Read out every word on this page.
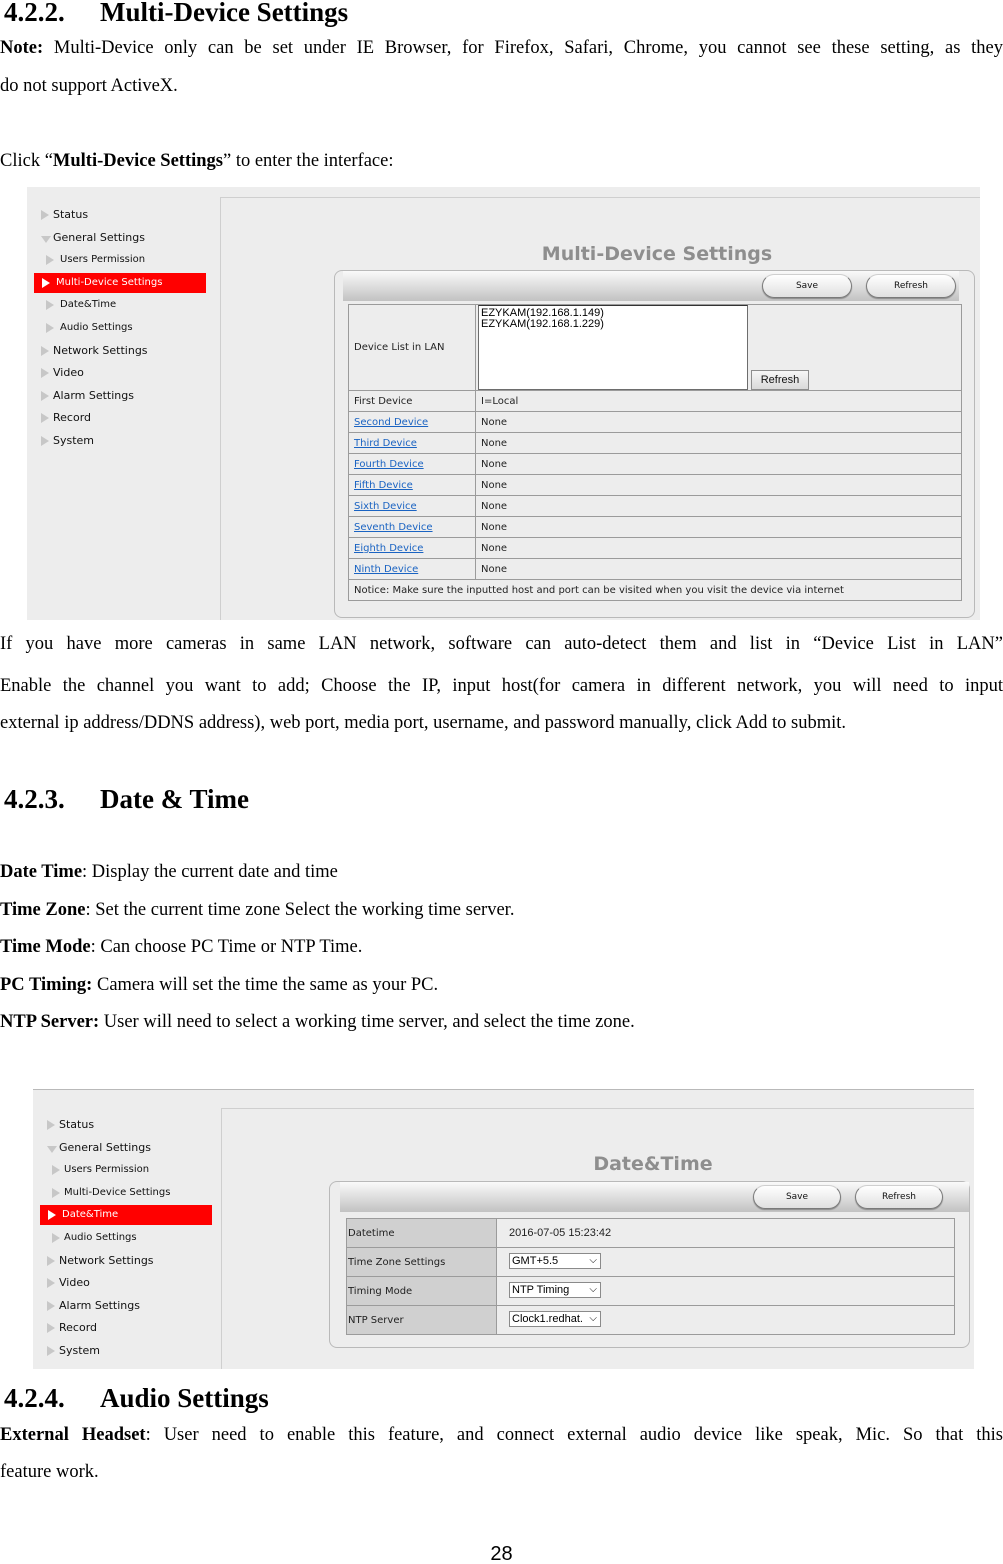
4.2.2. Multi-Device Settings
Note: Multi-Device only can be set under IE Browser, for Firefox, Safari, Chrome, you cannot see these setting, as they
do not support ActiveX.
Click “Multi-Device Settings” to enter the interface:
Status
General Settings
Users Permission
Multi-Device Settings
Date&Time
Audio Settings
Network Settings
Video
Alarm Settings
Record
System
Multi-Device Settings
Save	Refresh
Device List in LAN	EZYKAM(192.168.1.149)
EZYKAM(192.168.1.229)
Refresh

First Device	I=Local
Second Device	None
Third Device	None
Fourth Device	None
Fifth Device	None
Sixth Device	None
Seventh Device	None
Eighth Device	None
Ninth Device	None
Notice: Make sure the inputted host and port can be visited when you visit the device via internet	
If you have more cameras in same LAN network, software can auto-detect them and list in “Device List in LAN”
Enable the channel you want to add; Choose the IP, input host(for camera in different network, you will need to input
external ip address/DDNS address), web port, media port, username, and password manually, click Add to submit.
4.2.3. Date & Time
Date Time: Display the current date and time
Time Zone: Set the current time zone Select the working time server.
Time Mode: Can choose PC Time or NTP Time.
PC Timing: Camera will set the time the same as your PC.
NTP Server: User will need to select a working time server, and select the time zone.
Status
General Settings
Users Permission
Multi-Device Settings
Date&Time
Audio Settings
Network Settings
Video
Alarm Settings
Record
System
Date&Time
Save	Refresh
Datetime	2016-07-05 15:23:42
Time Zone Settings	GMT+5.5 ⌵

Timing Mode	NTP Timing ⌵

NTP Server	Clock1.redhat. ⌵
4.2.4. Audio Settings
External Headset: User need to enable this feature, and connect external audio device like speak, Mic. So that this
feature work.
28
